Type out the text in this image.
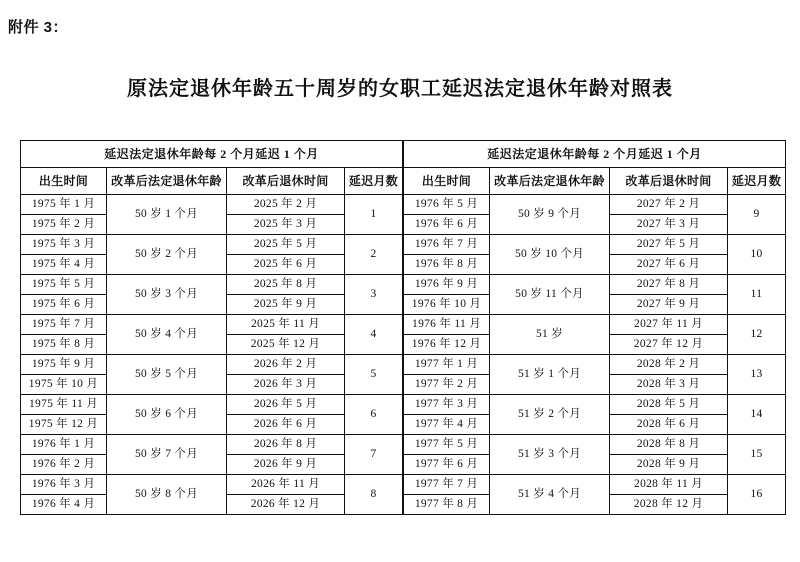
附件 3：
原法定退休年龄五十周岁的女职工延迟法定退休年龄对照表
延迟法定退休年龄每 2 个月延迟 1 个月			
出生时间	改革后法定退休年龄	改革后退休时间	延迟月数
1975 年 1 月	50 岁 1 个月	2025 年 2 月	1
1975 年 2 月		2025 年 3 月	
1975 年 3 月	50 岁 2 个月	2025 年 5 月	2
1975 年 4 月		2025 年 6 月	
1975 年 5 月	50 岁 3 个月	2025 年 8 月	3
1975 年 6 月		2025 年 9 月	
1975 年 7 月	50 岁 4 个月	2025 年 11 月	4
1975 年 8 月		2025 年 12 月	
1975 年 9 月	50 岁 5 个月	2026 年 2 月	5
1975 年 10 月		2026 年 3 月	
1975 年 11 月	50 岁 6 个月	2026 年 5 月	6
1975 年 12 月		2026 年 6 月	
1976 年 1 月	50 岁 7 个月	2026 年 8 月	7
1976 年 2 月		2026 年 9 月	
1976 年 3 月	50 岁 8 个月	2026 年 11 月	8
1976 年 4 月		2026 年 12 月	
延迟法定退休年龄每 2 个月延迟 1 个月			
出生时间	改革后法定退休年龄	改革后退休时间	延迟月数
1976 年 5 月	50 岁 9 个月	2027 年 2 月	9
1976 年 6 月		2027 年 3 月	
1976 年 7 月	50 岁 10 个月	2027 年 5 月	10
1976 年 8 月		2027 年 6 月	
1976 年 9 月	50 岁 11 个月	2027 年 8 月	11
1976 年 10 月		2027 年 9 月	
1976 年 11 月	51 岁	2027 年 11 月	12
1976 年 12 月		2027 年 12 月	
1977 年 1 月	51 岁 1 个月	2028 年 2 月	13
1977 年 2 月		2028 年 3 月	
1977 年 3 月	51 岁 2 个月	2028 年 5 月	14
1977 年 4 月		2028 年 6 月	
1977 年 5 月	51 岁 3 个月	2028 年 8 月	15
1977 年 6 月		2028 年 9 月	
1977 年 7 月	51 岁 4 个月	2028 年 11 月	16
1977 年 8 月		2028 年 12 月	
